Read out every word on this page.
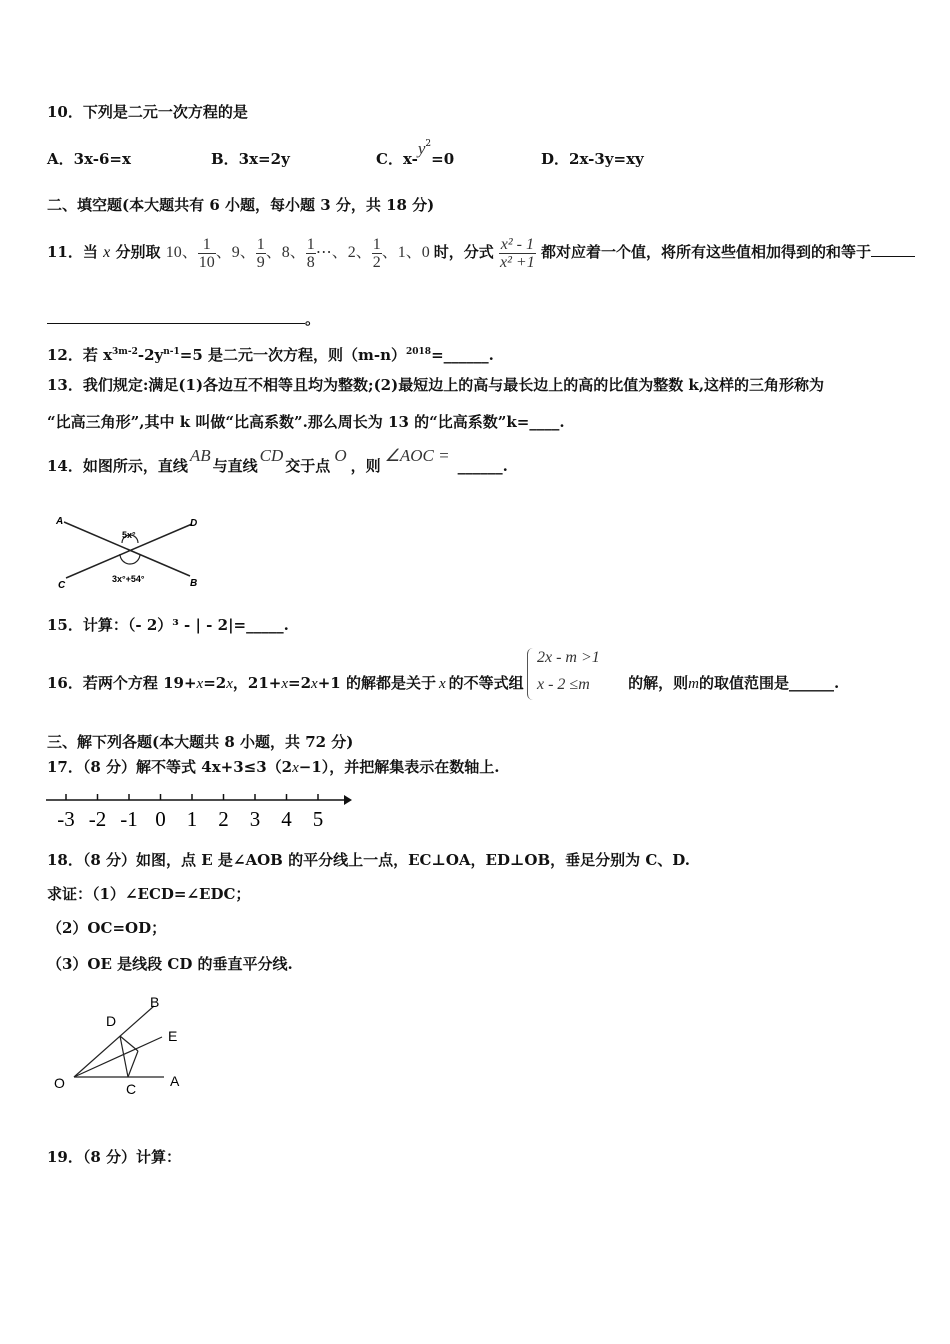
10．下列是二元一次方程的是
A．3x-6=x	B．3x=2y	C．$x-y^2=0$	D．2x-3y=xy
二、填空题(本大题共有 6 小题，每小题 3 分，共 18 分)
11．当 x 分别取 10、 $\frac{1}{10}$ 、9、 $\frac{1}{9}$ 、8、 $\frac{1}{8}$ ⋯、2、 $\frac{1}{2}$ 、1、0 时，分式 $\frac{\text{x² - 1}}{\text{x² +1}}$ 都对应着一个值，将所有这些值相加得到的和等于
。
12．若 $x^{3m-2}-2y^{n-1}=5$ 是二元一次方程，则$(m-n)^{2018}=\_\_\_\_\_\_$.
13．我们规定:满足(1)各边互不相等且均为整数;(2)最短边上的高与最长边上的高的比值为整数 k,这样的三角形称为
“比高三角形”,其中 k 叫做“比高系数”.那么周长为 13 的“比高系数”k=____.
14．如图所示，直线AB与直线CD交于点O，则∠AOC =______.
A	D
C	B
5x°
3x°+54°
15．计算：（- 2）³ - | - 2|=_____.
16．若两个方程 19+x=2x，21+x=2x+1 的解都是关于 x 的不等式组	的解，则m的取值范围是______.
2x - m >1
x - 2 ≤m
三、解下列各题(本大题共 8 小题，共 72 分)
17．（8 分）解不等式 4x+3≤3（2x−1），并把解集表示在数轴上.
-3 -2 -1 0 1 2 3 4 5
18．（8 分）如图，点 E 是∠AOB 的平分线上一点，EC⊥OA，ED⊥OB，垂足分别为 C、D.
求证：（1）∠ECD=∠EDC；
（2）OC=OD；
（3）OE 是线段 CD 的垂直平分线.
O	A
B
C
D
E
19．（8 分）计算：
